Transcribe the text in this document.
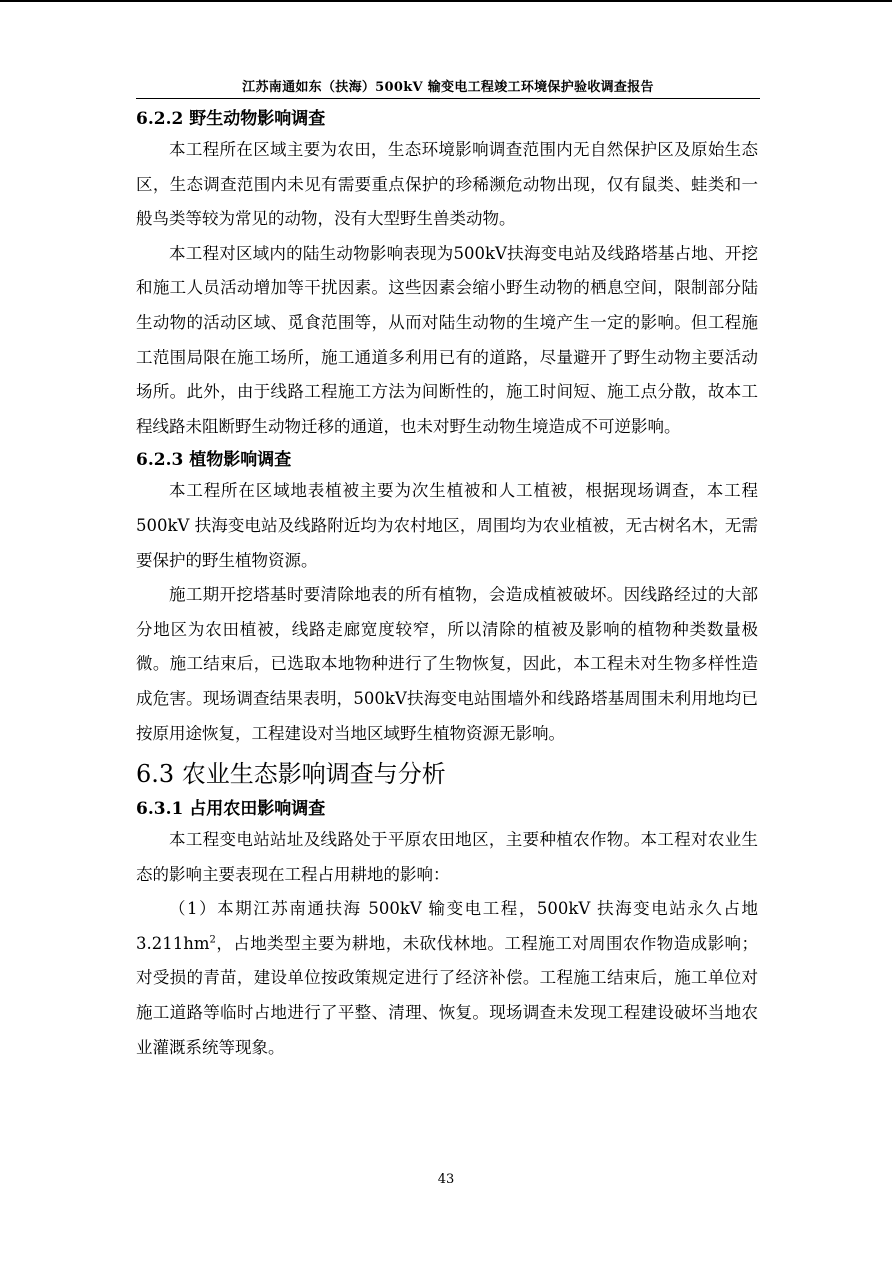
江苏南通如东（扶海）500kV 输变电工程竣工环境保护验收调查报告
6.2.2 野生动物影响调查

本工程所在区域主要为农田，生态环境影响调查范围内无自然保护区及原始生态区，生态调查范围内未见有需要重点保护的珍稀濒危动物出现，仅有鼠类、蛙类和一般鸟类等较为常见的动物，没有大型野生兽类动物。

本工程对区域内的陆生动物影响表现为500kV扶海变电站及线路塔基占地、开挖和施工人员活动增加等干扰因素。这些因素会缩小野生动物的栖息空间，限制部分陆生动物的活动区域、觅食范围等，从而对陆生动物的生境产生一定的影响。但工程施工范围局限在施工场所，施工通道多利用已有的道路，尽量避开了野生动物主要活动场所。此外，由于线路工程施工方法为间断性的，施工时间短、施工点分散，故本工程线路未阻断野生动物迁移的通道，也未对野生动物生境造成不可逆影响。

6.2.3 植物影响调查

本工程所在区域地表植被主要为次生植被和人工植被，根据现场调查，本工程 500kV 扶海变电站及线路附近均为农村地区，周围均为农业植被，无古树名木，无需要保护的野生植物资源。

施工期开挖塔基时要清除地表的所有植物，会造成植被破坏。因线路经过的大部分地区为农田植被，线路走廊宽度较窄，所以清除的植被及影响的植物种类数量极微。施工结束后，已选取本地物种进行了生物恢复，因此，本工程未对生物多样性造成危害。现场调查结果表明，500kV扶海变电站围墙外和线路塔基周围未利用地均已按原用途恢复，工程建设对当地区域野生植物资源无影响。

6.3 农业生态影响调查与分析
6.3.1 占用农田影响调查

本工程变电站站址及线路处于平原农田地区，主要种植农作物。本工程对农业生态的影响主要表现在工程占用耕地的影响：

（1）本期江苏南通扶海 500kV 输变电工程，500kV 扶海变电站永久占地$3.211hm^2$，占地类型主要为耕地，未砍伐林地。工程施工对周围农作物造成影响；对受损的青苗，建设单位按政策规定进行了经济补偿。工程施工结束后，施工单位对施工道路等临时占地进行了平整、清理、恢复。现场调查未发现工程建设破坏当地农业灌溉系统等现象。

43
